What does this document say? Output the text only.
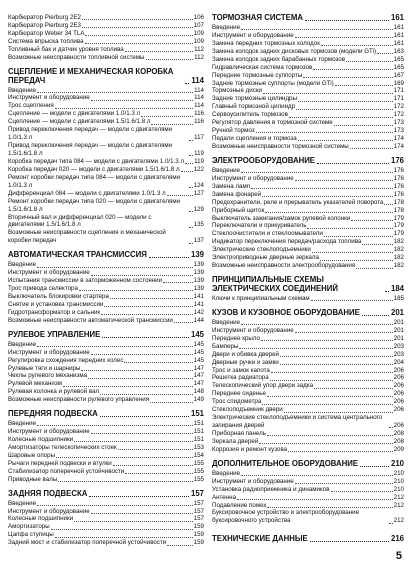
Карбюратор Pierburg 2E2	106
Карбюратор Pierburg 2E3	107
Карбюратор Weber 34 TLA	109
Система впрыска топлива	109
Топливный бак и датчик уровня топлива	112
Возможные неисправности топливной системы	112
СЦЕПЛЕНИЕ И МЕХАНИЧЕСКАЯ КОРОБКА ПЕРЕДАЧ	114
Введение	114
Инструмент и оборудование	114
Трос сцепления	114
Сцепление — модели с двигателями 1.0/1.3 л	116
Сцепление — модели с двигателями 1.5/1.6/1.8 л	116
Привод переключения передач — модели с двигателями 1.0/1.3 л	117
Привод переключения передач — модели с двигателями 1.5/1.6/1.8 л	119
Коробка передач типа 084 — модели с двигателями 1.0/1.3 л 119
Коробка передач 020 — модели с двигателями 1.5/1.6/1.8 л 122
Ремонт коробки передач типа 084 — модели с двигателями 1.0/1.3 л	124
Дифференциал 084 — модели с двигателями 1.0/1.3 л	127
Ремонт коробки передач типа 020 — модели с двигателями 1.5/1.6/1.8 л	129
Вторичный вал и дифференциал 020 — модели с двигателями 1.5/1.6/1.8 л	135
Возможные неисправности сцепления и механической коробки передач	137
АВТОМАТИЧЕСКАЯ ТРАНСМИССИЯ	139
Введение	139
Инструмент и оборудование	139
Испытания трансмиссии в заторможенном состоянии	139
Трос привода селектора	139
Выключатель блокировки стартера	141
Снятие и установка трансмиссии	141
Гидротрансформатор и сальник	142
Возможные неисправности автоматической трансмиссии	144
РУЛЕВОЕ УПРАВЛЕНИЕ	145
Введение	145
Инструмент и оборудование	145
Регулировка схождения передних колес	145
Рулевые тяги и шарниры	147
Чехлы рулевого механизма	147
Рулевой механизм	147
Рулевая колонка и рулевой вал	148
Возможные неисправности рулевого управления	149
ПЕРЕДНЯЯ ПОДВЕСКА	151
Введение	151
Инструмент и оборудование	151
Колесные подшипники	151
Амортизаторы телескопических стоек	153
Шаровые опоры	154
Рычаги передней подвески и втулки	155
Стабилизатор поперечной устойчивости	155
Приводные валы	155
ЗАДНЯЯ ПОДВЕСКА	157
Введение	157
Инструмент и оборудование	157
Колесные подшипники	157
Амортизаторы	159
Цапфа ступицы	159
Задний мост и стабилизатор поперечной устойчивости	159
ТОРМОЗНАЯ СИСТЕМА	161
Введение	161
Инструмент и оборудование	161
Замена передних тормозных колодок	161
Замена колодок задних дисковых тормозов (модели GTi)	163
Замена колодок задних барабанных тормозов	165
Гидравлическая система тормозов	165
Передние тормозные суппорты	167
Задние тормозные суппорты (модели GTi)	169
Тормозные диски	171
Задние тормозные цилиндры	171
Главный тормозной цилиндр	172
Сервоусилитель тормозов	172
Регулятор давления в тормозной системе	173
Ручной тормоз	173
Педали сцепления и тормоза	174
Возможные неисправности тормозной системы	174
ЭЛЕКТРООБОРУДОВАНИЕ	176
Введение	176
Инструмент и оборудование	176
Замена ламп	176
Замена фонарей	176
Предохранители, реле и прерыватель указателей поворота 178
Приборный щиток	178
Выключатель зажигания/замок рулевой колонки	179
Переключатели и прикуриватель	179
Стеклоочистители и стеклоомыватели	179
Индикатор переключения передач/расхода топлива	182
Электрические стеклоподъемники	182
Электроприводные дверные зеркала	182
Возможные неисправности электрооборудования	182
ПРИНЦИПИАЛЬНЫЕ СХЕМЫ ЭЛЕКТРИЧЕСКИХ СОЕДИНЕНИЙ	184
Ключи к принципиальным схемам	185
КУЗОВ И КУЗОВНОЕ ОБОРУДОВАНИЕ	201
Введение	201
Инструмент и оборудование	201
Переднее крыло	201
Бамперы	203
Двери и обивка дверей	203
Дверные ручки и замки	204
Трос и замок капота	206
Решетка радиатора	206
Телескопический упор двери задка	206
Переднее сиденье	206
Трос спидометра	206
Стеклоподъемник двери	206
Электрические стеклоподъемники и система центрального запирания дверей	206
Приборная панель	208
Зеркала дверей	208
Коррозия и ремонт кузова	209
ДОПОЛНИТЕЛЬНОЕ ОБОРУДОВАНИЕ	210
Введение	210
Инструмент и оборудование	210
Установка радиоприемника и динамиков	210
Антенна	212
Подавление помех	212
Буксировочное устройство и электрооборудование буксировочного устройства	212
ТЕХНИЧЕСКИЕ ДАННЫЕ	216
5
